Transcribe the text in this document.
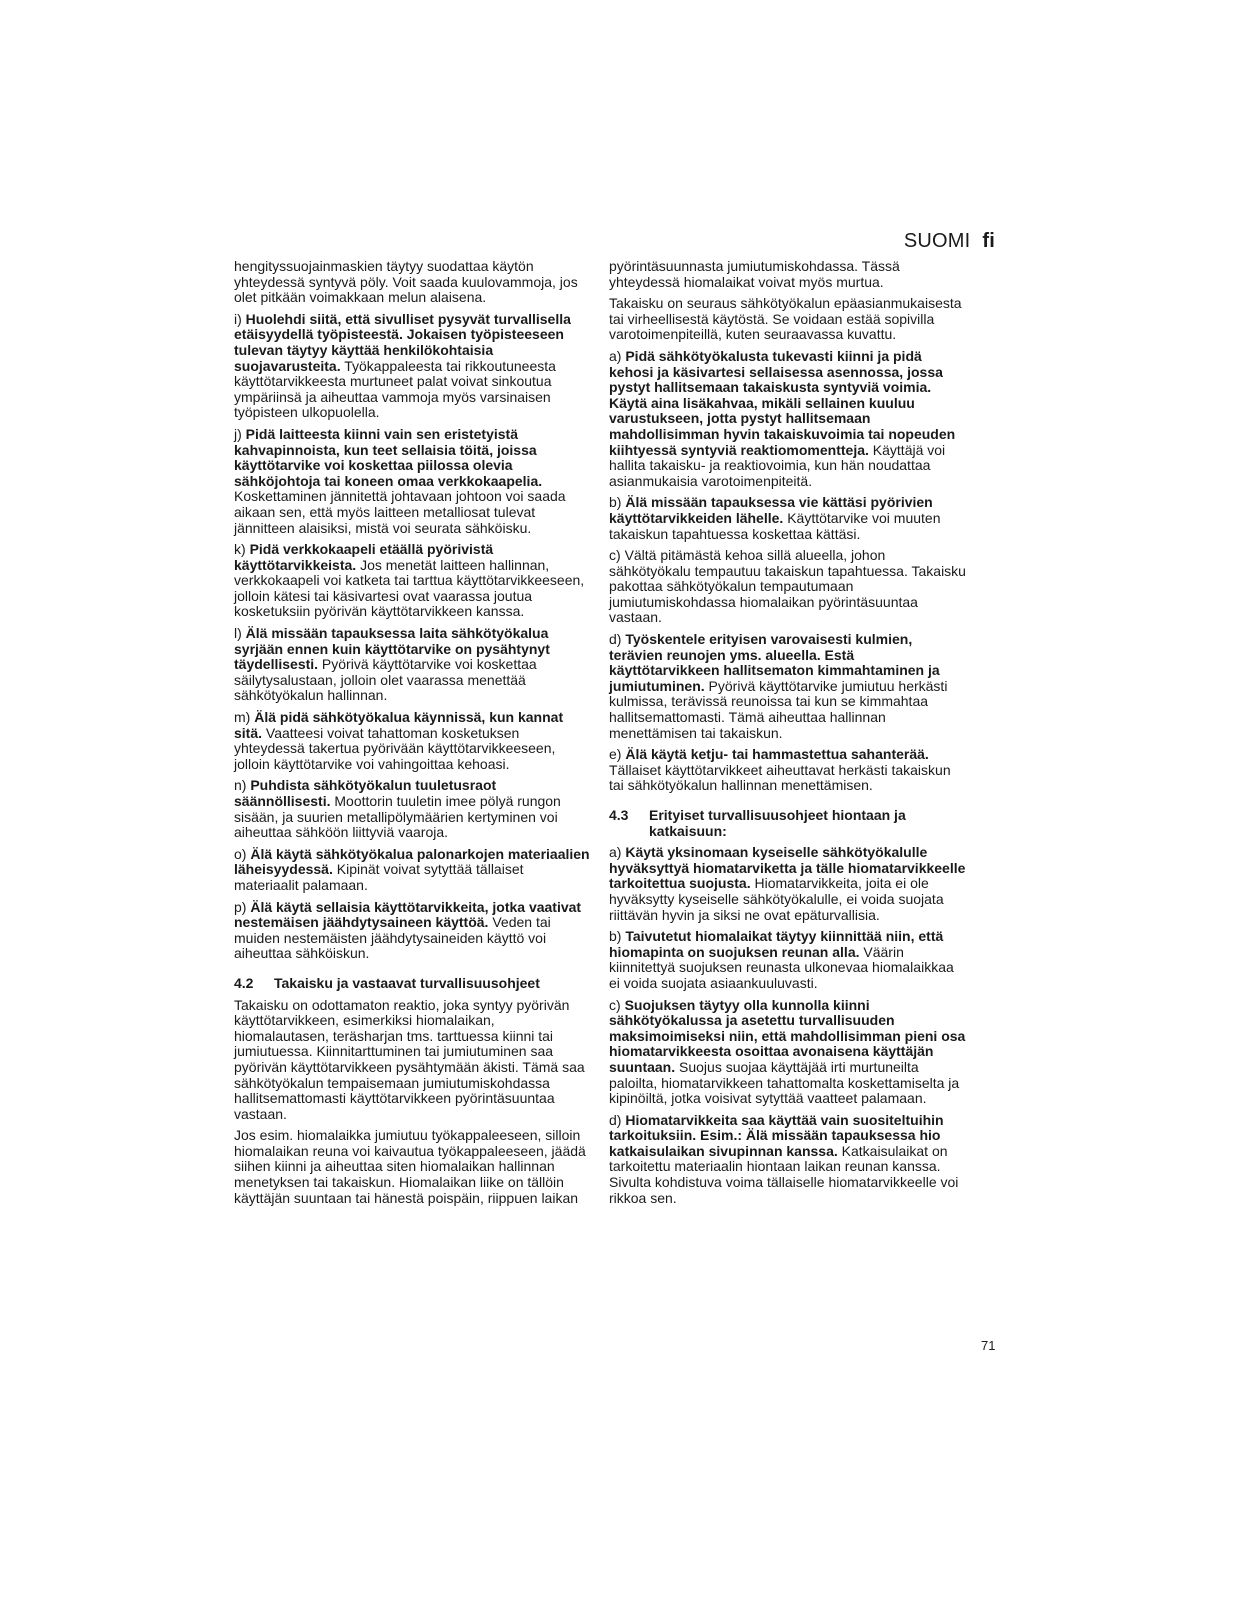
SUOMI fi

hengityssuojainmaskien täytyy suodattaa käytön yhteydessä syntyvä pöly. Voit saada kuulovammoja, jos olet pitkään voimakkaan melun alaisena.

i) Huolehdi siitä, että sivulliset pysyvät turvallisella etäisyydellä työpisteestä. Jokaisen työpisteeseen tulevan täytyy käyttää henkilökohtaisia suojavarusteita. Työkappaleesta tai rikkoutuneesta käyttötarvikkeesta murtuneet palat voivat sinkoutua ympäriinsä ja aiheuttaa vammoja myös varsinaisen työpisteen ulkopuolella.

j) Pidä laitteesta kiinni vain sen eristetyistä kahvapinnoista, kun teet sellaisia töitä, joissa käyttötarvike voi koskettaa piilossa olevia sähköjohtoja tai koneen omaa verkkokaapelia. Koskettaminen jännitettä johtavaan johtoon voi saada aikaan sen, että myös laitteen metalliosat tulevat jännitteen alaisiksi, mistä voi seurata sähköisku.

k) Pidä verkkokaapeli etäällä pyörivistä käyttötarvikkeista. Jos menetät laitteen hallinnan, verkkokaapeli voi katketa tai tarttua käyttötarvikkeeseen, jolloin kätesi tai käsivartesi ovat vaarassa joutua kosketuksiin pyörivän käyttötarvikkeen kanssa.

l) Älä missään tapauksessa laita sähkötyökalua syrjään ennen kuin käyttötarvike on pysähtynyt täydellisesti. Pyörivä käyttötarvike voi koskettaa säilytysalustaan, jolloin olet vaarassa menettää sähkötyökalun hallinnan.

m) Älä pidä sähkötyökalua käynnissä, kun kannat sitä. Vaatteesi voivat tahattoman kosketuksen yhteydessä takertua pyörivään käyttötarvikkeeseen, jolloin käyttötarvike voi vahingoittaa kehoasi.

n) Puhdista sähkötyökalun tuuletusraot säännöllisesti. Moottorin tuuletin imee pölyä rungon sisään, ja suurien metallipölymäärien kertyminen voi aiheuttaa sähköön liittyviä vaaroja.

o) Älä käytä sähkötyökalua palonarkojen materiaalien läheisyydessä. Kipinät voivat sytyttää tällaiset materiaalit palamaan.

p) Älä käytä sellaisia käyttötarvikkeita, jotka vaativat nestemäisen jäähdytysaineen käyttöä. Veden tai muiden nestemäisten jäähdytysaineiden käyttö voi aiheuttaa sähköiskun.

4.2	Takaisku ja vastaavat turvallisuusohjeet

Takaisku on odottamaton reaktio, joka syntyy pyörivän käyttötarvikkeen, esimerkiksi hiomalaikan, hiomalautasen, teräsharjan tms. tarttuessa kiinni tai jumiutuessa. Kiinnitarttuminen tai jumiutuminen saa pyörivän käyttötarvikkeen pysähtymään äkisti. Tämä saa sähkötyökalun tempaisemaan jumiutumiskohdassa hallitsemattomasti käyttötarvikkeen pyörintäsuuntaa vastaan.

Jos esim. hiomalaikka jumiutuu työkappaleeseen, silloin hiomalaikan reuna voi kaivautua työkappaleeseen, jäädä siihen kiinni ja aiheuttaa siten hiomalaikan hallinnan menetyksen tai takaiskun. Hiomalaikan liike on tällöin käyttäjän suuntaan tai hänestä poispäin, riippuen laikan

pyörintäsuunnasta jumiutumiskohdassa. Tässä yhteydessä hiomalaikat voivat myös murtua.

Takaisku on seuraus sähkötyökalun epäasianmukaisesta tai virheellisestä käytöstä. Se voidaan estää sopivilla varotoimenpiteillä, kuten seuraavassa kuvattu.

a) Pidä sähkötyökalusta tukevasti kiinni ja pidä kehosi ja käsivartesi sellaisessa asennossa, jossa pystyt hallitsemaan takaiskusta syntyviä voimia. Käytä aina lisäkahvaa, mikäli sellainen kuuluu varustukseen, jotta pystyt hallitsemaan mahdollisimman hyvin takaiskuvoimia tai nopeuden kiihtyessä syntyviä reaktiomomentteja. Käyttäjä voi hallita takaisku- ja reaktiovoimia, kun hän noudattaa asianmukaisia varotoimenpiteitä.

b) Älä missään tapauksessa vie kättäsi pyörivien käyttötarvikkeiden lähelle. Käyttötarvike voi muuten takaiskun tapahtuessa koskettaa kättäsi.

c) Vältä pitämästä kehoa sillä alueella, johon sähkötyökalu tempautuu takaiskun tapahtuessa. Takaisku pakottaa sähkötyökalun tempautumaan jumiutumiskohdassa hiomalaikan pyörintäsuuntaa vastaan.

d) Työskentele erityisen varovaisesti kulmien, terävien reunojen yms. alueella. Estä käyttötarvikkeen hallitsematon kimmahtaminen ja jumiutuminen. Pyörivä käyttötarvike jumiutuu herkästi kulmissa, terävissä reunoissa tai kun se kimmahtaa hallitsemattomasti. Tämä aiheuttaa hallinnan menettämisen tai takaiskun.

e) Älä käytä ketju- tai hammastettua sahanterää. Tällaiset käyttötarvikkeet aiheuttavat herkästi takaiskun tai sähkötyökalun hallinnan menettämisen.

4.3	Erityiset turvallisuusohjeet hiontaan ja katkaisuun:

a) Käytä yksinomaan kyseiselle sähkötyökalulle hyväksyttyä hiomatarviketta ja tälle hiomatarvikkeelle tarkoitettua suojusta. Hiomatarvikkeita, joita ei ole hyväksytty kyseiselle sähkötyökalulle, ei voida suojata riittävän hyvin ja siksi ne ovat epäturvallisia.

b) Taivutetut hiomalaikat täytyy kiinnittää niin, että hiomapinta on suojuksen reunan alla. Väärin kiinnitettyä suojuksen reunasta ulkonevaa hiomalaikkaa ei voida suojata asiaankuuluvasti.

c) Suojuksen täytyy olla kunnolla kiinni sähkötyökalussa ja asetettu turvallisuuden maksimoimiseksi niin, että mahdollisimman pieni osa hiomatarvikkeesta osoittaa avonaisena käyttäjän suuntaan. Suojus suojaa käyttäjää irti murtuneilta paloilta, hiomatarvikkeen tahattomalta koskettamiselta ja kipinöiltä, jotka voisivat sytyttää vaatteet palamaan.

d) Hiomatarvikkeita saa käyttää vain suositeltuihin tarkoituksiin. Esim.: Älä missään tapauksessa hio katkaisulaikan sivupinnan kanssa. Katkaisulaikat on tarkoitettu materiaalin hiontaan laikan reunan kanssa. Sivulta kohdistuva voima tällaiselle hiomatarvikkeelle voi rikkoa sen.

71
